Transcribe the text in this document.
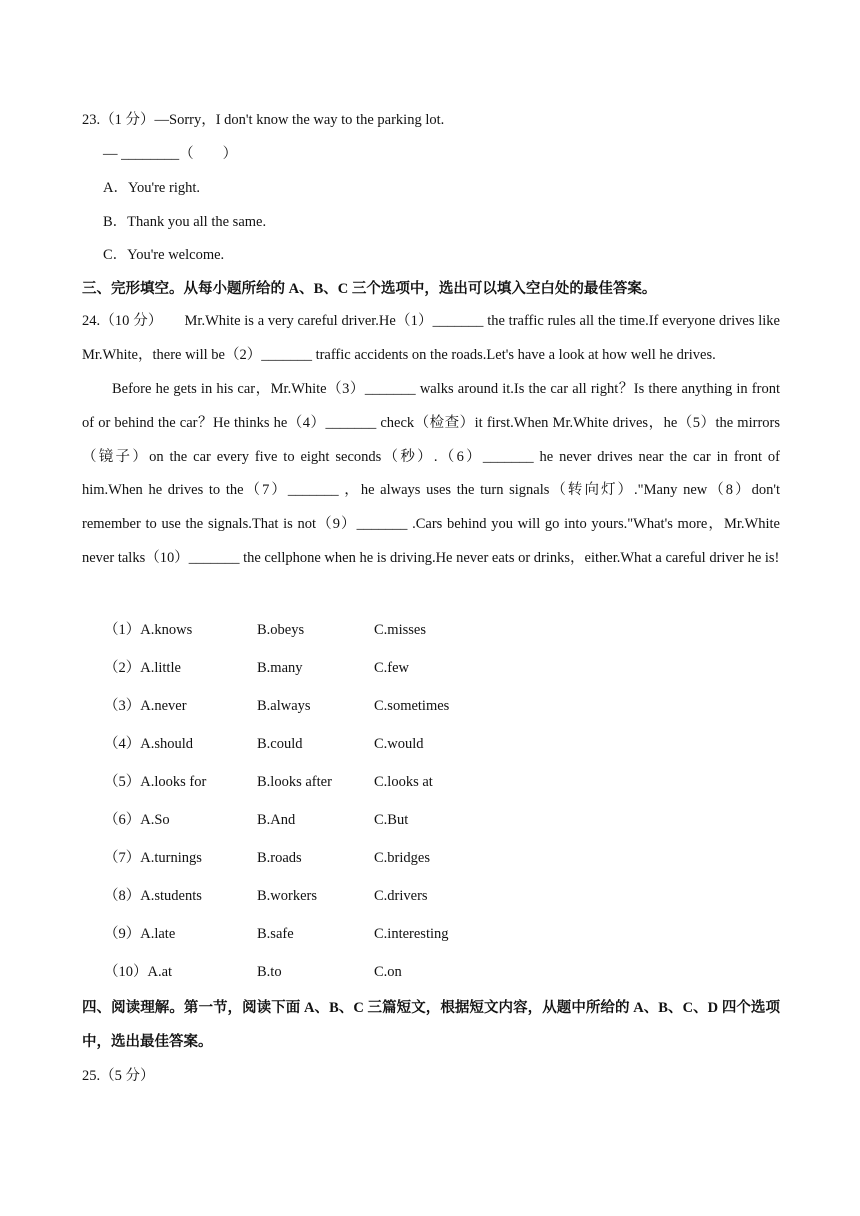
23.（1 分）—Sorry，I don't know the way to the parking lot.
— ________（　　）
A．You're right.
B．Thank you all the same.
C．You're welcome.
三、完形填空。从每小题所给的 A、B、C 三个选项中，选出可以填入空白处的最佳答案。
24.（10 分）　　Mr.White is a very careful driver.He（1）_______ the traffic rules all the time.If everyone drives like Mr.White，there will be（2）_______ traffic accidents on the roads.Let's have a look at how well he drives.
Before he gets in his car，Mr.White（3）_______ walks around it.Is the car all right？Is there anything in front of or behind the car？He thinks he（4）_______ check（检查）it first.When Mr.White drives，he（5）the mirrors（镜子）on the car every five to eight seconds（秒）.（6）_______ he never drives near the car in front of him.When he drives to the（7）_______ ，he always uses the turn signals（转向灯）."Many new（8）don't remember to use the signals.That is not（9）_______ .Cars behind you will go into yours."What's more，Mr.White never talks（10）_______ the cellphone when he is driving.He never eats or drinks，either.What a careful driver he is!
（1）A.knows	B.obeys	C.misses
（2）A.little	B.many	C.few
（3）A.never	B.always	C.sometimes
（4）A.should	B.could	C.would
（5）A.looks for	B.looks after	C.looks at
（6）A.So	B.And	C.But
（7）A.turnings	B.roads	C.bridges
（8）A.students	B.workers	C.drivers
（9）A.late	B.safe	C.interesting
（10）A.at	B.to	C.on
四、阅读理解。第一节，阅读下面 A、B、C 三篇短文，根据短文内容，从题中所给的 A、B、C、D 四个选项中，选出最佳答案。
25.（5 分）
